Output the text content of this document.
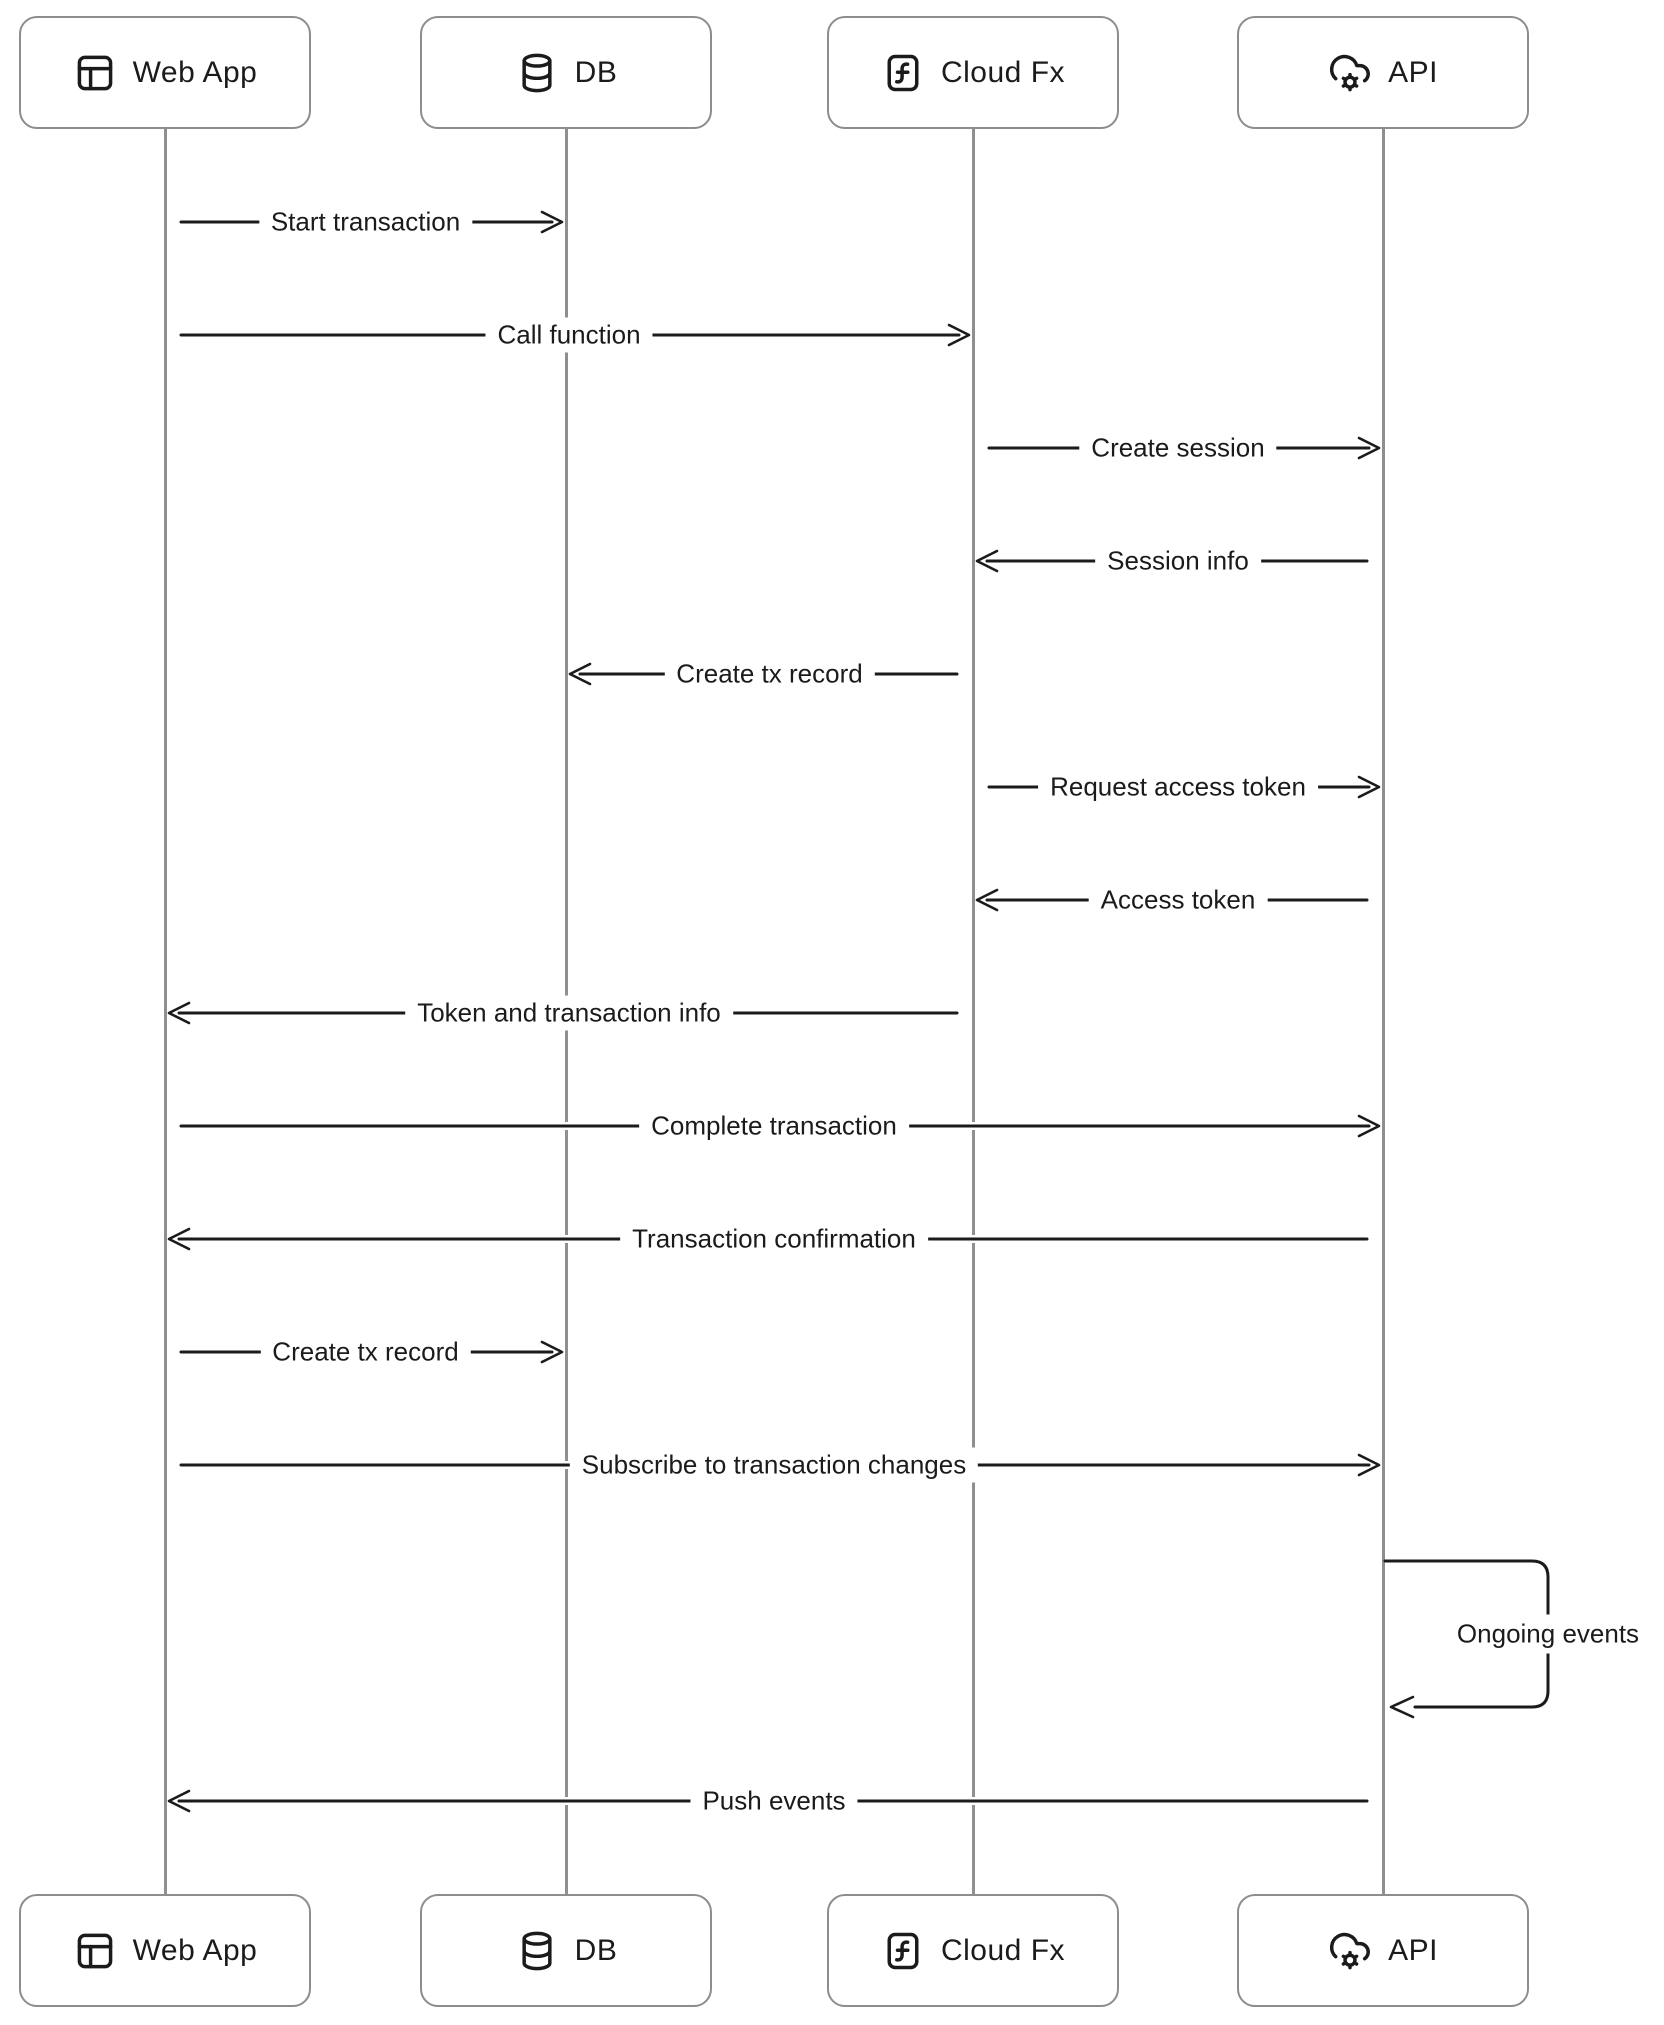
Web App	DB	Cloud Fx	API
Web App	DB	Cloud Fx	API
Start transaction
Call function
Create session
Session info
Create tx record
Request access token
Access token
Token and transaction info
Complete transaction
Transaction confirmation
Create tx record
Subscribe to transaction changes
Ongoing events
Push events
